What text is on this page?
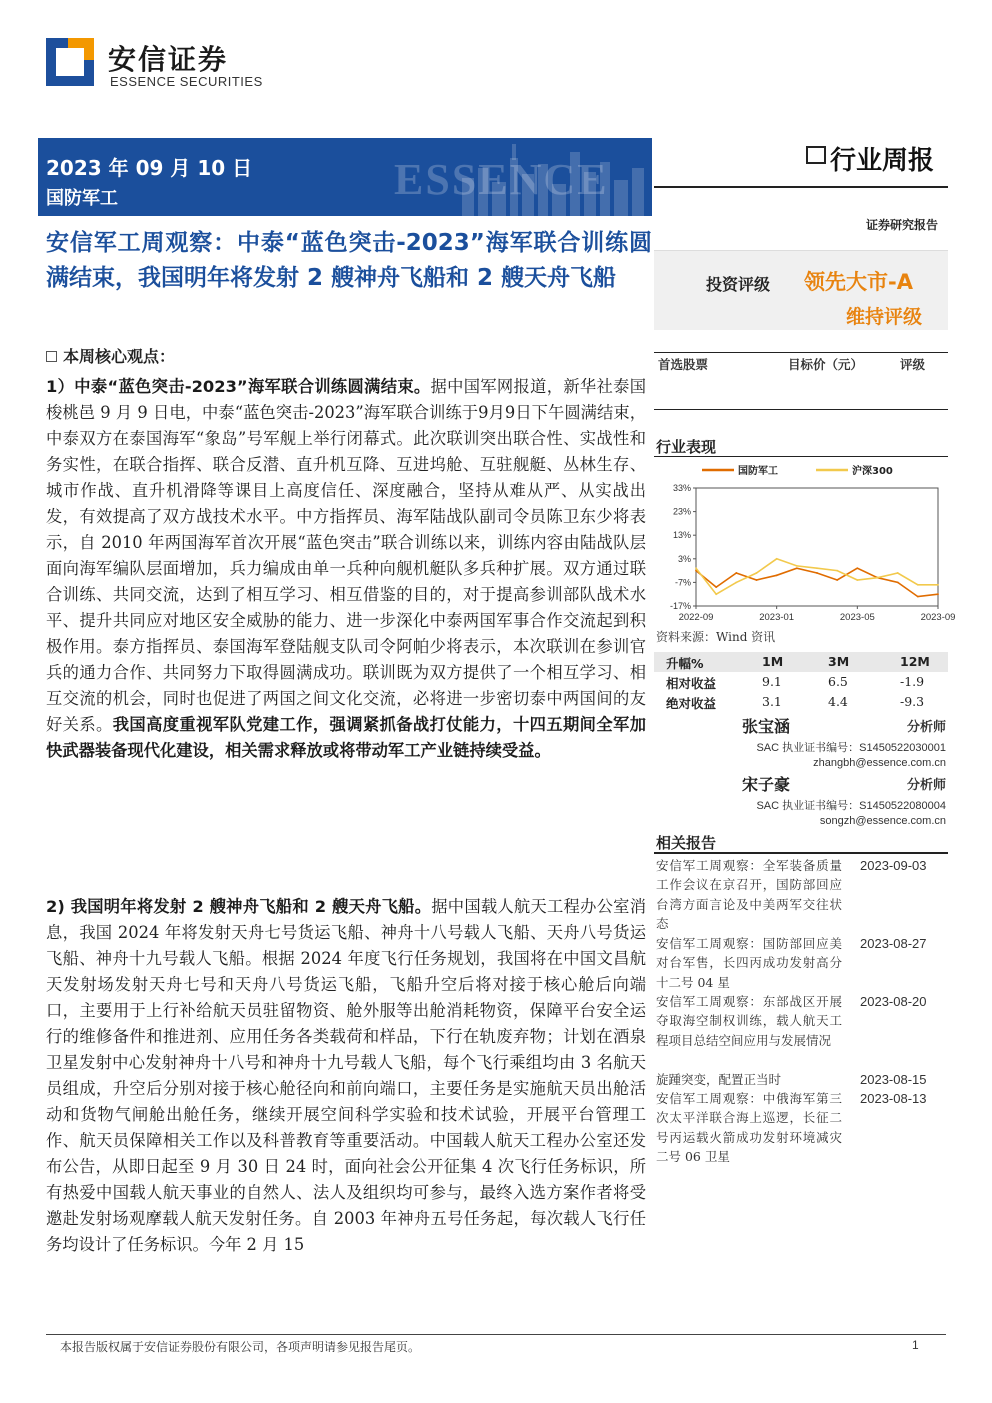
安信证券
ESSENCE SECURITIES
2023 年 09 月 10 日
国防军工	ESSENCE	行业周报
证券研究报告
安信军工周观察：中泰“蓝色突击-2023”海军联合训练圆满结束，我国明年将发射 2 艘神舟飞船和 2 艘天舟飞船	投资评级 领先大市-A
维持评级
本周核心观点：
1）中泰“蓝色突击-2023”海军联合训练圆满结束。据中国军网报道，新华社泰国梭桃邑 9 月 9 日电，中泰“蓝色突击-2023”海军联合训练于9月9日下午圆满结束，中泰双方在泰国海军“象岛”号军舰上举行闭幕式。此次联训突出联合性、实战性和务实性，在联合指挥、联合反潜、直升机互降、互进坞舱、互驻舰艇、丛林生存、城市作战、直升机滑降等课目上高度信任、深度融合，坚持从难从严、从实战出发，有效提高了双方战技术水平。中方指挥员、海军陆战队副司令员陈卫东少将表示，自 2010 年两国海军首次开展“蓝色突击”联合训练以来，训练内容由陆战队层面向海军编队层面增加，兵力编成由单一兵种向舰机艇队多兵种扩展。双方通过联合训练、共同交流，达到了相互学习、相互借鉴的目的，对于提高参训部队战术水平、提升共同应对地区安全威胁的能力、进一步深化中泰两国军事合作交流起到积极作用。泰方指挥员、泰国海军登陆舰支队司令阿帕少将表示，本次联训在参训官兵的通力合作、共同努力下取得圆满成功。联训既为双方提供了一个相互学习、相互交流的机会，同时也促进了两国之间文化交流，必将进一步密切泰中两国间的友好关系。我国高度重视军队党建工作，强调紧抓备战打仗能力，十四五期间全军加快武器装备现代化建设，相关需求释放或将带动军工产业链持续受益。
2) 我国明年将发射 2 艘神舟飞船和 2 艘天舟飞船。据中国载人航天工程办公室消息，我国 2024 年将发射天舟七号货运飞船、神舟十八号载人飞船、天舟八号货运飞船、神舟十九号载人飞船。根据 2024 年度飞行任务规划，我国将在中国文昌航天发射场发射天舟七号和天舟八号货运飞船，飞船升空后将对接于核心舱后向端口，主要用于上行补给航天员驻留物资、舱外服等出舱消耗物资，保障平台安全运行的维修备件和推进剂、应用任务各类载荷和样品，下行在轨废弃物；计划在酒泉卫星发射中心发射神舟十八号和神舟十九号载人飞船，每个飞行乘组均由 3 名航天员组成，升空后分别对接于核心舱径向和前向端口，主要任务是实施航天员出舱活动和货物气闸舱出舱任务，继续开展空间科学实验和技术试验，开展平台管理工作、航天员保障相关工作以及科普教育等重要活动。中国载人航天工程办公室还发布公告，从即日起至 9 月 30 日 24 时，面向社会公开征集 4 次飞行任务标识，所有热爱中国载人航天事业的自然人、法人及组织均可参与，最终入选方案作者将受邀赴发射场观摩载人航天发射任务。自 2003 年神舟五号任务起，每次载人飞行任务均设计了任务标识。今年 2 月 15
首选股票	目标价（元）	评级
行业表现
国防军工	沪深300
33%
23%
13%
3%
-7%
-17%
2022-09	2023-01	2023-05	2023-09
资料来源：Wind 资讯
升幅%	1M	3M	12M
相对收益	9.1	6.5	-1.9
绝对收益	3.1	4.4	-9.3
张宝涵	分析师
SAC 执业证书编号：S1450522030001
zhangbh@essence.com.cn
宋子豪	分析师
SAC 执业证书编号：S1450522080004
songzh@essence.com.cn
相关报告
安信军工周观察：全军装备质量工作会议在京召开，国防部回应台湾方面言论及中美两军交往状态
2023-09-03
安信军工周观察：国防部回应美对台军售，长四丙成功发射高分十二号 04 星
2023-08-27
安信军工周观察：东部战区开展夺取海空制权训练，载人航天工程项目总结空间应用与发展情况
2023-08-20
旋踵突变，配置正当时	2023-08-15
安信军工周观察：中俄海军第三次太平洋联合海上巡逻，长征二号丙运载火箭成功发射环境减灾二号 06 卫星
2023-08-13
本报告版权属于安信证券股份有限公司，各项声明请参见报告尾页。	1
